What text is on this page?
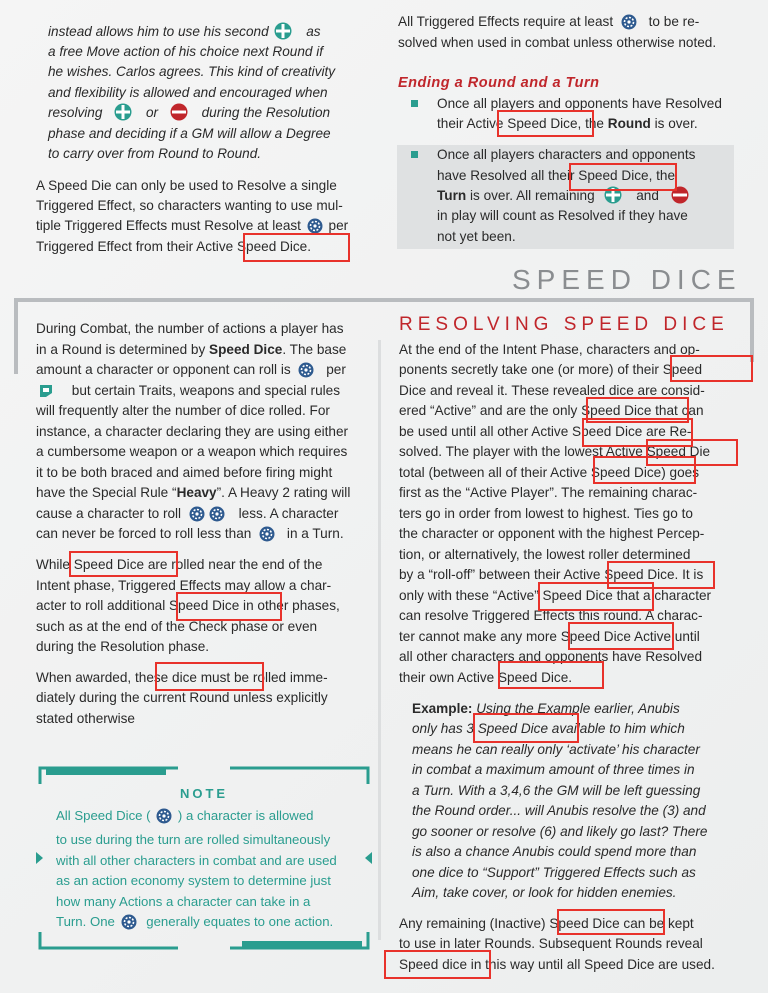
instead allows him to use his second	as

a free Move action of his choice next Round if

he wishes. Carlos agrees. This kind of creativity

and flexibility is allowed and encouraged when

resolving	or	during the Resolution

phase and deciding if a GM will allow a Degree

to carry over from Round to Round.

A Speed Die can only be used to Resolve a single

Triggered Effect, so characters wanting to use mul-

tiple Triggered Effects must Resolve at least per

Triggered Effect from their Active Speed Dice.

All Triggered Effects require at least	to be re-

solved when used in combat unless otherwise noted.

Ending a Round and a Turn

Once all players and opponents have Resolved

their Active Speed Dice, the Round is over.

Once all players characters and opponents

have Resolved all their Speed Dice, the

Turn is over. All remaining	and

in play will count as Resolved if they have

not yet been.

SPEED DICE

During Combat, the number of actions a player has

in a Round is determined by Speed Dice. The base

amount a character or opponent can roll is	per

but certain Traits, weapons and special rules

will frequently alter the number of dice rolled. For

instance, a character declaring they are using either

a cumbersome weapon or a weapon which requires

it to be both braced and aimed before firing might

have the Special Rule “Heavy”. A Heavy 2 rating will

cause a character to roll	less. A character

can never be forced to roll less than	in a Turn.

While Speed Dice are rolled near the end of the

Intent phase, Triggered Effects may allow a char-

acter to roll additional Speed Dice in other phases,

such as at the end of the Check phase or even

during the Resolution phase.

When awarded, these dice must be rolled imme-

diately during the current Round unless explicitly

stated otherwise

NOTE
All Speed Dice ( ) a character is allowed
to use during the turn are rolled simultaneously
with all other characters in combat and are used
as an action economy system to determine just
how many Actions a character can take in a
Turn. One generally equates to one action.
RESOLVING SPEED DICE

At the end of the Intent Phase, characters and op-

ponents secretly take one (or more) of their Speed

Dice and reveal it. These revealed dice are consid-

ered “Active” and are the only Speed Dice that can

be used until all other Active Speed Dice are Re-

solved. The player with the lowest Active Speed Die

total (between all of their Active Speed Dice) goes

first as the “Active Player”. The remaining charac-

ters go in order from lowest to highest. Ties go to

the character or opponent with the highest Percep-

tion, or alternatively, the lowest roller determined

by a “roll-off” between their Active Speed Dice. It is

only with these “Active” Speed Dice that a character

can resolve Triggered Effects this round. A charac-

ter cannot make any more Speed Dice Active until

all other characters and opponents have Resolved

their own Active Speed Dice.

Example: Using the Example earlier, Anubis

only has 3 Speed Dice available to him which

means he can really only ‘activate’ his character

in combat a maximum amount of three times in

a Turn. With a 3,4,6 the GM will be left guessing

the Round order... will Anubis resolve the (3) and

go sooner or resolve (6) and likely go last? There

is also a chance Anubis could spend more than

one dice to “Support” Triggered Effects such as

Aim, take cover, or look for hidden enemies.

Any remaining (Inactive) Speed Dice can be kept

to use in later Rounds. Subsequent Rounds reveal

Speed dice in this way until all Speed Dice are used.
